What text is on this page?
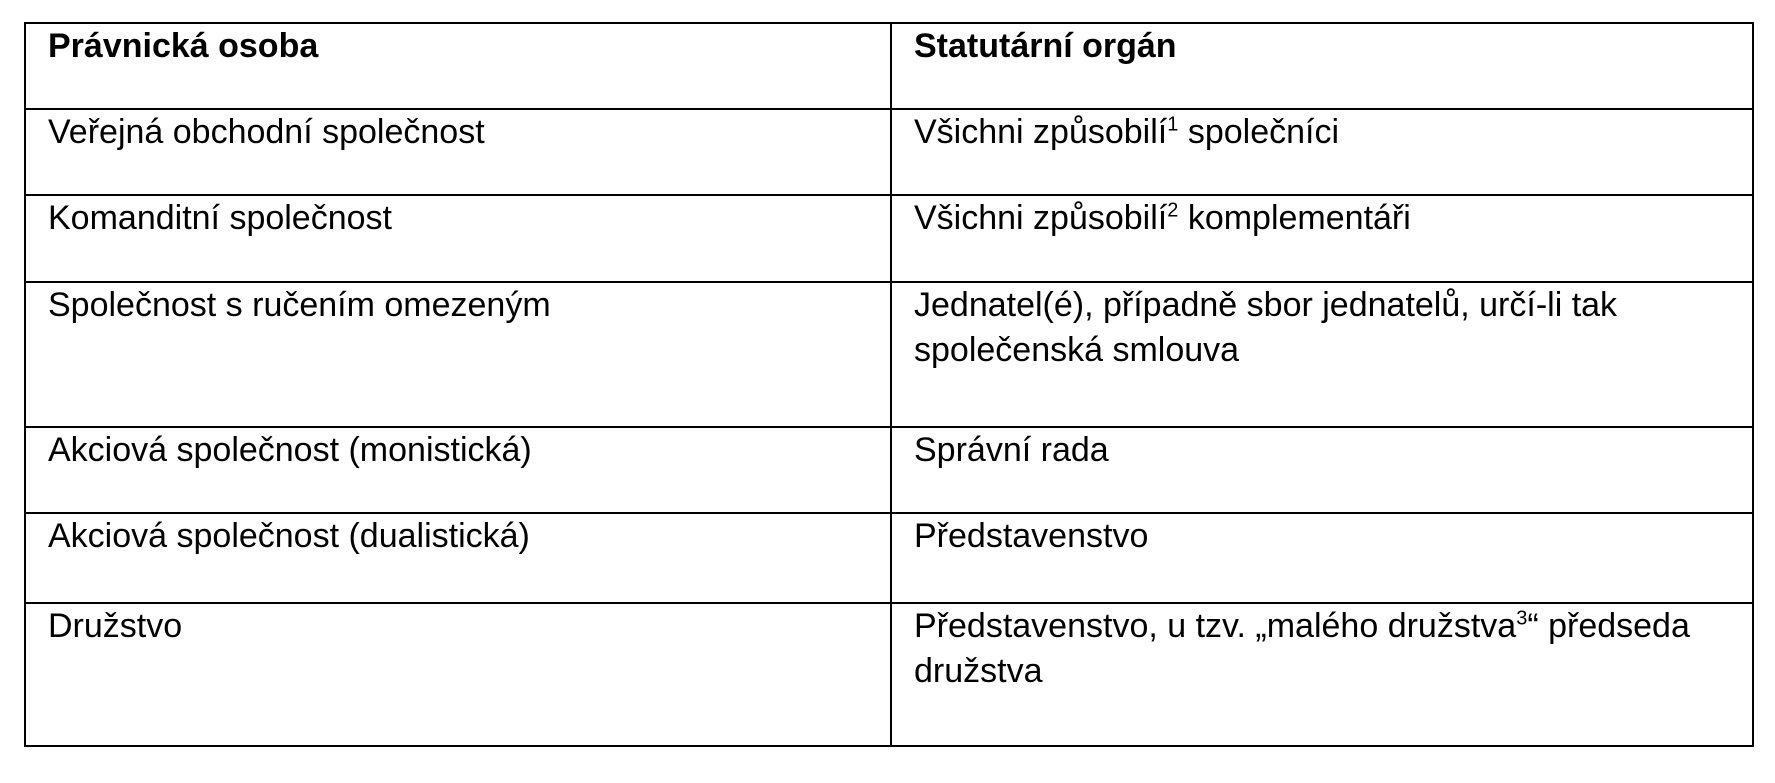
Právnická osoba	Statutární orgán
Veřejná obchodní společnost	Všichni způsobilí$^1$ společníci
Komanditní společnost	Všichni způsobilí$^2$ komplementáři
Společnost s ručením omezeným	Jednatel(é), případně sbor jednatelů, určí-li tak společenská smlouva
Akciová společnost (monistická)	Správní rada
Akciová společnost (dualistická)	Představenstvo
Družstvo	Představenstvo, u tzv. „malého družstva$^3$“ předseda družstva
